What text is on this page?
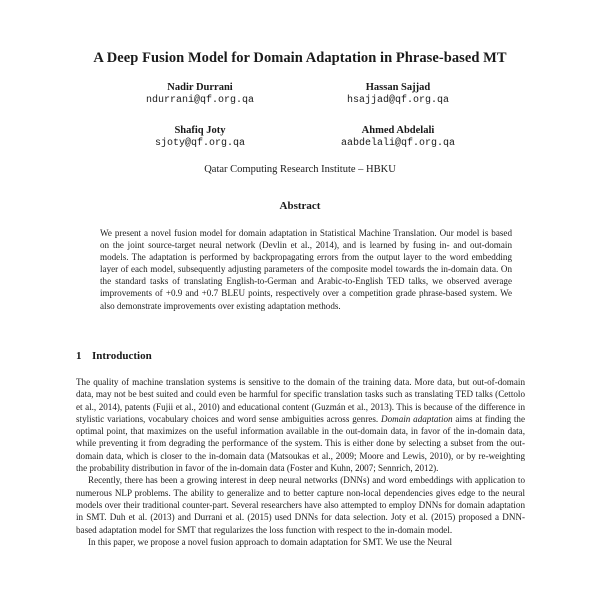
A Deep Fusion Model for Domain Adaptation in Phrase-based MT
Nadir Durrani
ndurrani@qf.org.qa
Hassan Sajjad
hsajjad@qf.org.qa
Shafiq Joty
sjoty@qf.org.qa
Ahmed Abdelali
aabdelali@qf.org.qa
Qatar Computing Research Institute – HBKU
Abstract
We present a novel fusion model for domain adaptation in Statistical Machine Translation. Our model is based on the joint source-target neural network (Devlin et al., 2014), and is learned by fusing in- and out-domain models. The adaptation is performed by backpropagating errors from the output layer to the word embedding layer of each model, subsequently adjusting parameters of the composite model towards the in-domain data. On the standard tasks of translating English-to-German and Arabic-to-English TED talks, we observed average improvements of +0.9 and +0.7 BLEU points, respectively over a competition grade phrase-based system. We also demonstrate improvements over existing adaptation methods.
1 Introduction

The quality of machine translation systems is sensitive to the domain of the training data. More data, but out-of-domain data, may not be best suited and could even be harmful for specific translation tasks such as translating TED talks (Cettolo et al., 2014), patents (Fujii et al., 2010) and educational content (Guzmán et al., 2013). This is because of the difference in stylistic variations, vocabulary choices and word sense ambiguities across genres. Domain adaptation aims at finding the optimal point, that maximizes on the useful information available in the out-domain data, in favor of the in-domain data, while preventing it from degrading the performance of the system. This is either done by selecting a subset from the out-domain data, which is closer to the in-domain data (Matsoukas et al., 2009; Moore and Lewis, 2010), or by re-weighting the probability distribution in favor of the in-domain data (Foster and Kuhn, 2007; Sennrich, 2012).

Recently, there has been a growing interest in deep neural networks (DNNs) and word embeddings with application to numerous NLP problems. The ability to generalize and to better capture non-local dependencies gives edge to the neural models over their traditional counter-part. Several researchers have also attempted to employ DNNs for domain adaptation in SMT. Duh et al. (2013) and Durrani et al. (2015) used DNNs for data selection. Joty et al. (2015) proposed a DNN-based adaptation model for SMT that regularizes the loss function with respect to the in-domain model.

In this paper, we propose a novel fusion approach to domain adaptation for SMT. We use the Neural
